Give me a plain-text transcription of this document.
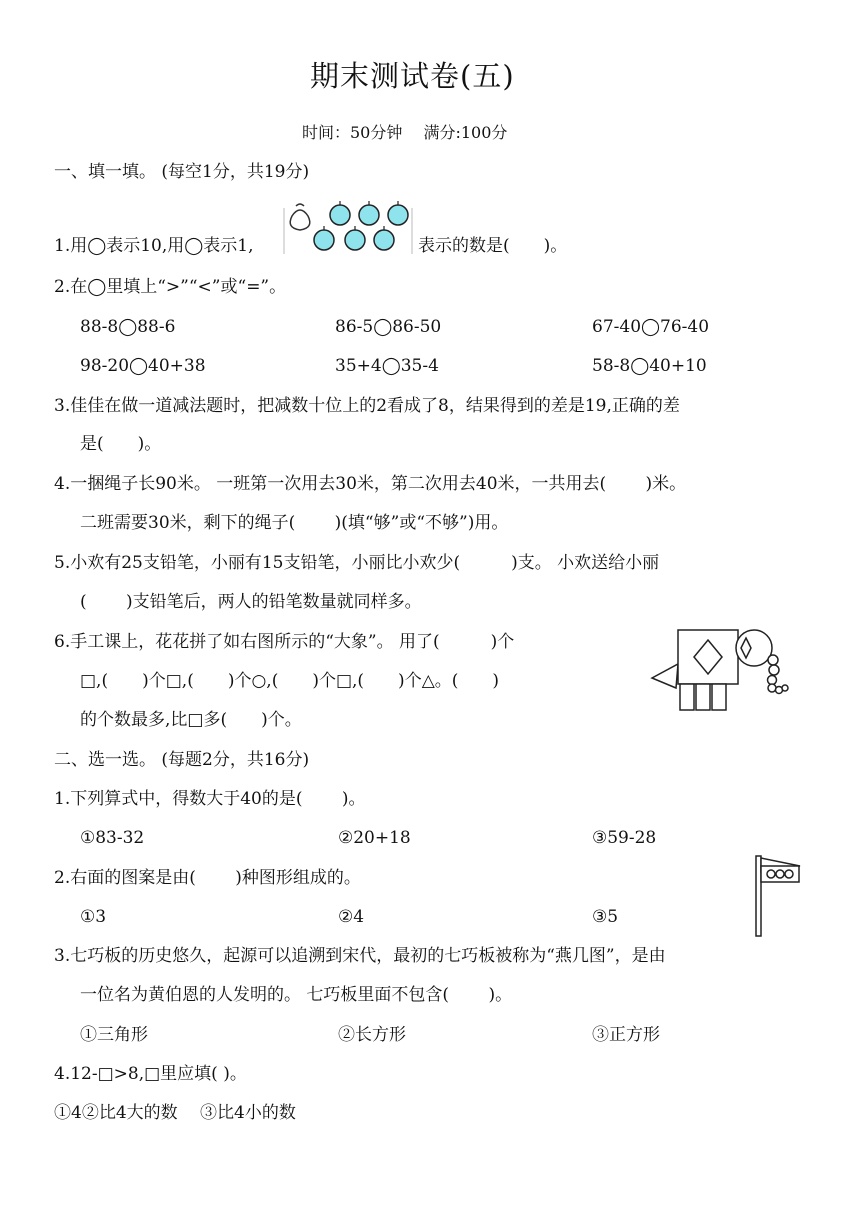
期末测试卷(五)
时间：50分钟　 满分:100分
一、填一填。 (每空1分，共19分)
1.用◯表示10,用◯表示1,	表示的数是(　　)。
2.在◯里填上“>”“<”或“=”。
88-8◯88-6	86-5◯86-50	67-40◯76-40
98-20◯40+38	35+4◯35-4	58-8◯40+10
3.佳佳在做一道减法题时，把减数十位上的2看成了8，结果得到的差是19,正确的差
是(　　)。
4.一捆绳子长90米。 一班第一次用去30米，第二次用去40米，一共用去(　　 )米。
二班需要30米，剩下的绳子(　　 )(填“够”或“不够”)用。
5.小欢有25支铅笔，小丽有15支铅笔，小丽比小欢少(　　　)支。 小欢送给小丽
(　　 )支铅笔后，两人的铅笔数量就同样多。
6.手工课上，花花拼了如右图所示的“大象”。 用了(　　　)个
□,(　　)个□,(　　)个○,(　　)个□,(　　)个△。(　　)
的个数最多,比□多(　　)个。
二、选一选。 (每题2分，共16分)
1.下列算式中，得数大于40的是(　　 )。
①83-32	②20+18	③59-28
2.右面的图案是由(　　 )种图形组成的。
①3	②4	③5
3.七巧板的历史悠久，起源可以追溯到宋代，最初的七巧板被称为“燕几图”，是由
一位名为黄伯恩的人发明的。 七巧板里面不包含(　　 )。
①三角形	②长方形	③正方形
4.12-□>8,□里应填( )。
①4②比4大的数　 ③比4小的数
